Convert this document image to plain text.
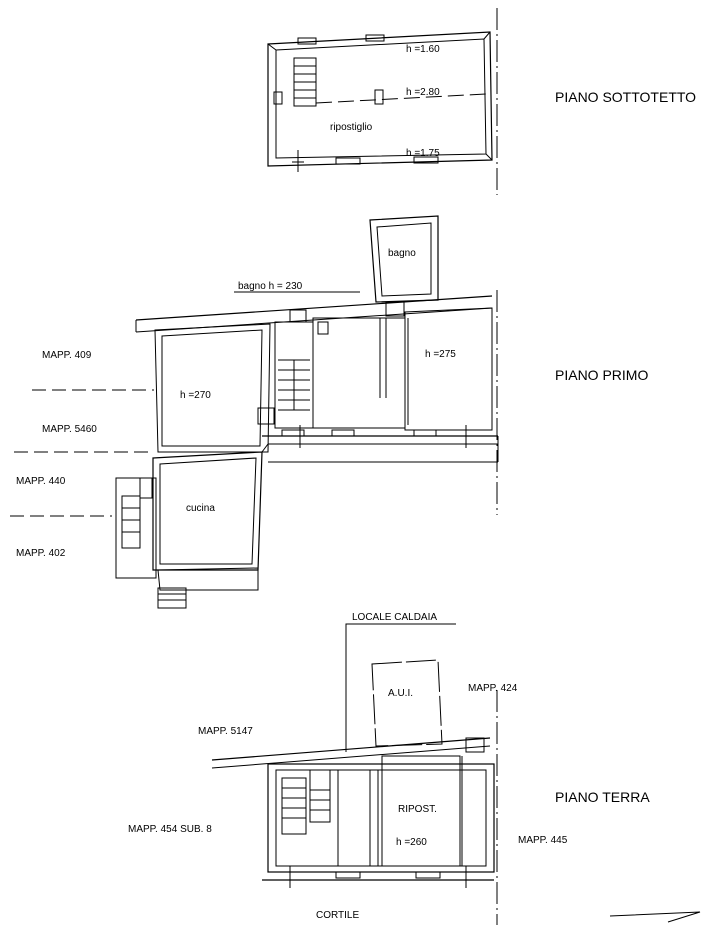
PIANO SOTTOTETTO
h =1.60
h =2.80
h =1.75
ripostiglio
PIANO PRIMO
bagno
bagno h = 230
h =270
h =275
cucina
PIANO TERRA
LOCALE CALDAIA
A.U.I.
RIPOST.
h =260
CORTILE
MAPP. 409
MAPP. 5460
MAPP. 440
MAPP. 402
MAPP. 5147
MAPP. 424
MAPP. 454 SUB. 8
MAPP. 445
